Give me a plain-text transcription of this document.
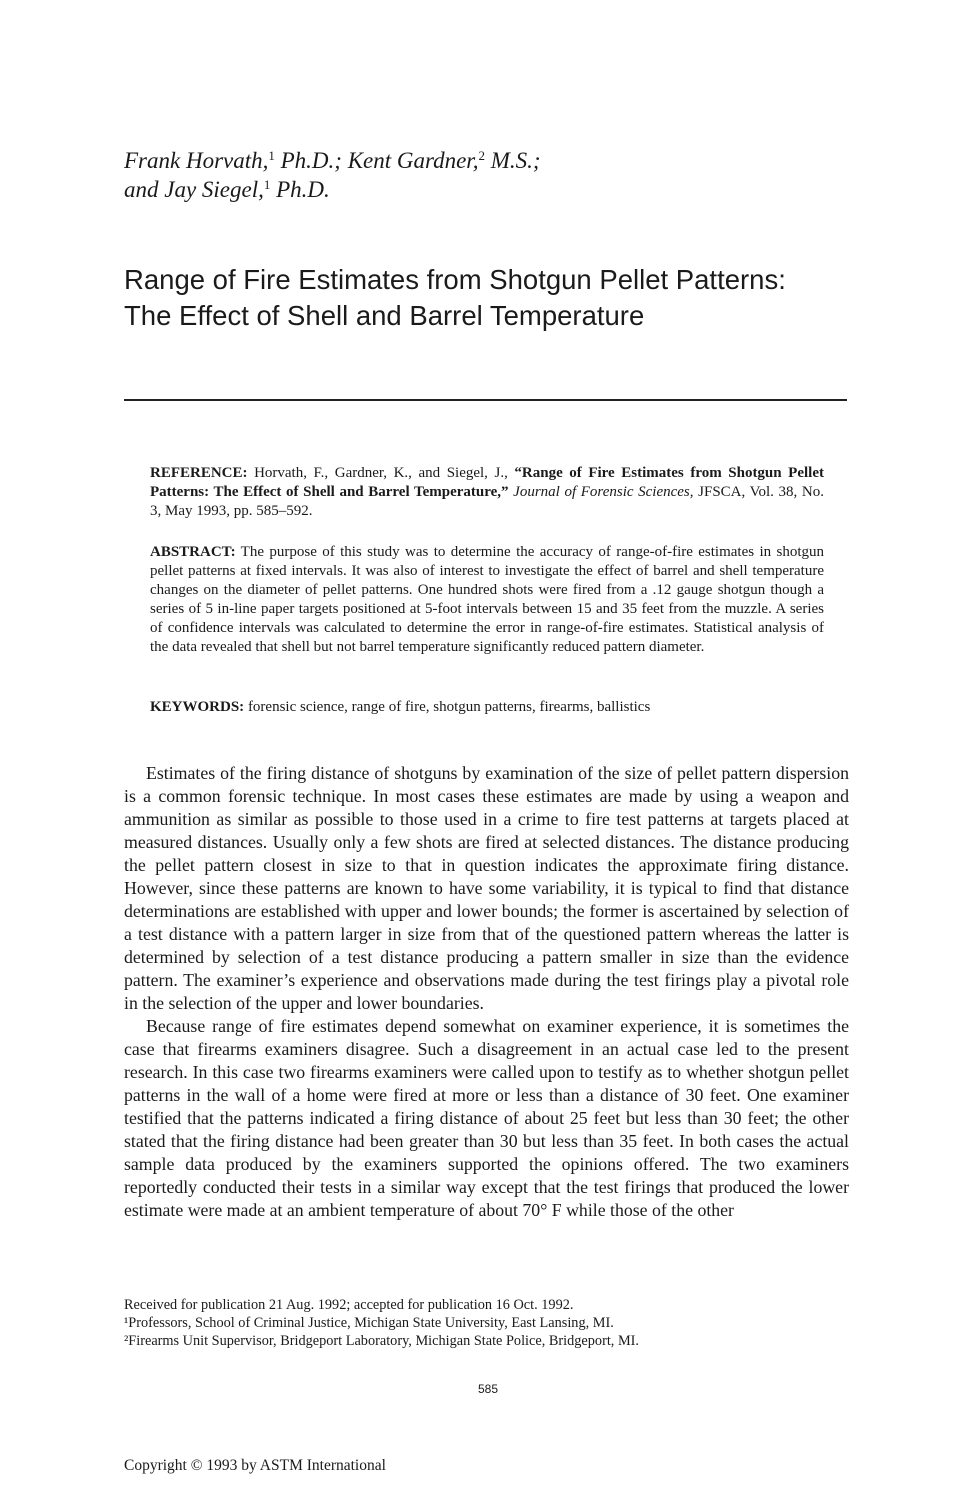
Frank Horvath,$^1$ Ph.D.; Kent Gardner,$^2$ M.S.;
and Jay Siegel,$^1$ Ph.D.
Range of Fire Estimates from Shotgun Pellet Patterns:
The Effect of Shell and Barrel Temperature
REFERENCE: Horvath, F., Gardner, K., and Siegel, J., “Range of Fire Estimates from Shotgun Pellet Patterns: The Effect of Shell and Barrel Temperature,” Journal of Forensic Sciences, JFSCA, Vol. 38, No. 3, May 1993, pp. 585–592.
ABSTRACT: The purpose of this study was to determine the accuracy of range-of-fire estimates in shotgun pellet patterns at fixed intervals. It was also of interest to investigate the effect of barrel and shell temperature changes on the diameter of pellet patterns. One hundred shots were fired from a .12 gauge shotgun though a series of 5 in-line paper targets positioned at 5-foot intervals between 15 and 35 feet from the muzzle. A series of confidence intervals was calculated to determine the error in range-of-fire estimates. Statistical analysis of the data revealed that shell but not barrel temperature significantly reduced pattern diameter.
KEYWORDS: forensic science, range of fire, shotgun patterns, firearms, ballistics

Estimates of the firing distance of shotguns by examination of the size of pellet pattern dispersion is a common forensic technique. In most cases these estimates are made by using a weapon and ammunition as similar as possible to those used in a crime to fire test patterns at targets placed at measured distances. Usually only a few shots are fired at selected distances. The distance producing the pellet pattern closest in size to that in question indicates the approximate firing distance. However, since these patterns are known to have some variability, it is typical to find that distance determinations are established with upper and lower bounds; the former is ascertained by selection of a test distance with a pattern larger in size from that of the questioned pattern whereas the latter is determined by selection of a test distance producing a pattern smaller in size than the evidence pattern. The examiner’s experience and observations made during the test firings play a pivotal role in the selection of the upper and lower boundaries.

Because range of fire estimates depend somewhat on examiner experience, it is sometimes the case that firearms examiners disagree. Such a disagreement in an actual case led to the present research. In this case two firearms examiners were called upon to testify as to whether shotgun pellet patterns in the wall of a home were fired at more or less than a distance of 30 feet. One examiner testified that the patterns indicated a firing distance of about 25 feet but less than 30 feet; the other stated that the firing distance had been greater than 30 but less than 35 feet. In both cases the actual sample data produced by the examiners supported the opinions offered. The two examiners reportedly conducted their tests in a similar way except that the test firings that produced the lower estimate were made at an ambient temperature of about 70° F while those of the other

Received for publication 21 Aug. 1992; accepted for publication 16 Oct. 1992.
¹Professors, School of Criminal Justice, Michigan State University, East Lansing, MI.
²Firearms Unit Supervisor, Bridgeport Laboratory, Michigan State Police, Bridgeport, MI.
585
Copyright © 1993 by ASTM International
